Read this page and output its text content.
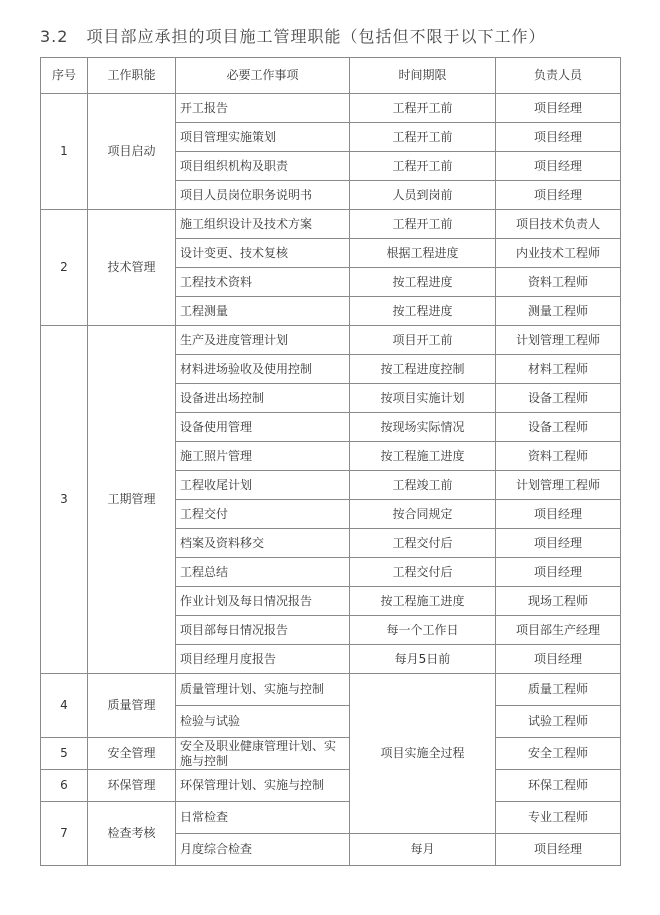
3.2 项目部应承担的项目施工管理职能（包括但不限于以下工作）
序号	工作职能	必要工作事项	时间期限	负责人员
1	项目启动	开工报告	工程开工前	项目经理
		项目管理实施策划	工程开工前	项目经理
		项目组织机构及职责	工程开工前	项目经理
		项目人员岗位职务说明书	人员到岗前	项目经理
2	技术管理	施工组织设计及技术方案	工程开工前	项目技术负责人
		设计变更、技术复核	根据工程进度	内业技术工程师
		工程技术资料	按工程进度	资料工程师
		工程测量	按工程进度	测量工程师
3	工期管理	生产及进度管理计划	项目开工前	计划管理工程师
		材料进场验收及使用控制	按工程进度控制	材料工程师
		设备进出场控制	按项目实施计划	设备工程师
		设备使用管理	按现场实际情况	设备工程师
		施工照片管理	按工程施工进度	资料工程师
		工程收尾计划	工程竣工前	计划管理工程师
		工程交付	按合同规定	项目经理
		档案及资料移交	工程交付后	项目经理
		工程总结	工程交付后	项目经理
		作业计划及每日情况报告	按工程施工进度	现场工程师
		项目部每日情况报告	每一个工作日	项目部生产经理
		项目经理月度报告	每月5日前	项目经理
4	质量管理	质量管理计划、实施与控制	项目实施全过程	质量工程师
		检验与试验		试验工程师
5	安全管理	安全及职业健康管理计划、实施与控制		安全工程师
6	环保管理	环保管理计划、实施与控制		环保工程师
7	检查考核	日常检查		专业工程师
		月度综合检查	每月	项目经理
